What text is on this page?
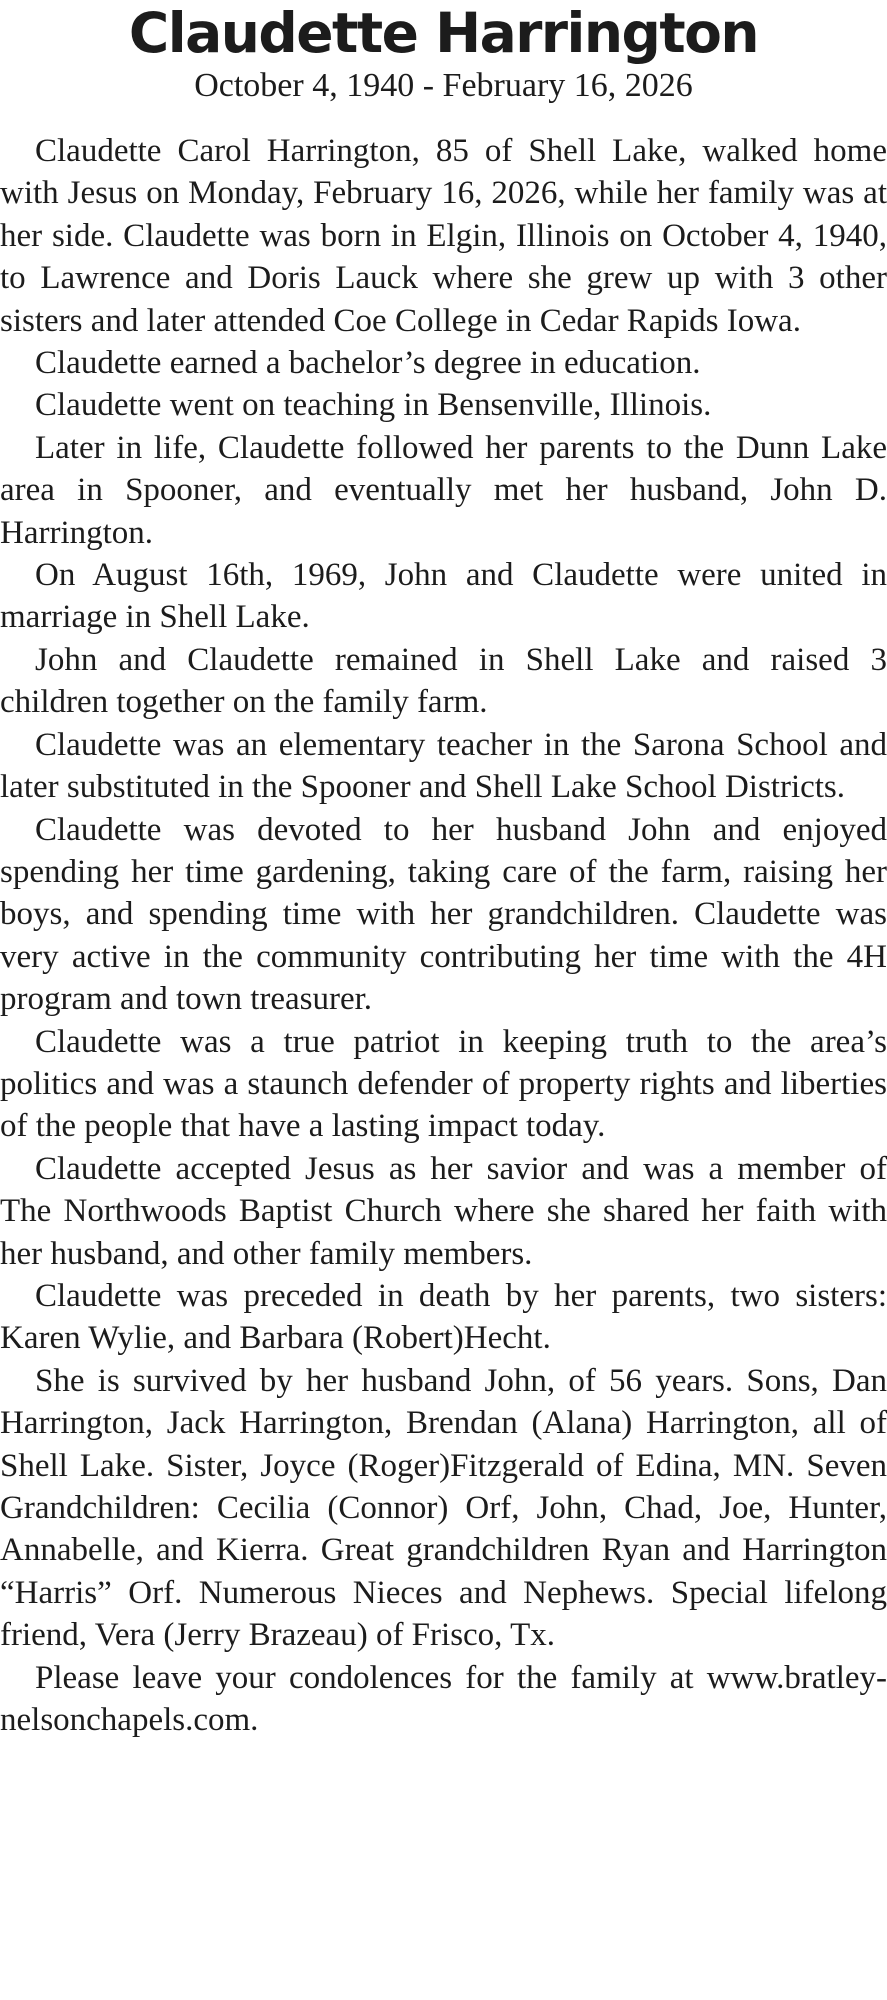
Claudette Harrington
October 4, 1940 - February 16, 2026

Claudette Carol Harrington, 85 of Shell Lake, walked home with Jesus on Monday, February 16, 2026, while her family was at her side. Claudette was born in Elgin, Illinois on October 4, 1940, to Lawrence and Doris Lauck where she grew up with 3 other sisters and later attended Coe College in Cedar Rapids Iowa.

Claudette earned a bachelor’s degree in education.

Claudette went on teaching in Bensenville, Illinois.

Later in life, Claudette followed her parents to the Dunn Lake area in Spooner, and eventually met her husband, John D. Harrington.

On August 16th, 1969, John and Claudette were united in marriage in Shell Lake.

John and Claudette remained in Shell Lake and raised 3 children together on the family farm.

Claudette was an elementary teacher in the Sarona School and later substituted in the Spooner and Shell Lake School Districts.

Claudette was devoted to her husband John and enjoyed spending her time gardening, taking care of the farm, raising her boys, and spending time with her grandchildren. Claudette was very active in the community contributing her time with the 4H program and town treasurer.

Claudette was a true patriot in keeping truth to the area’s politics and was a staunch defender of property rights and liberties of the people that have a lasting impact today.

Claudette accepted Jesus as her savior and was a member of The Northwoods Baptist Church where she shared her faith with her husband, and other family members.

Claudette was preceded in death by her parents, two sisters: Karen Wylie, and Barbara (Robert)Hecht.

She is survived by her husband John, of 56 years. Sons, Dan Harrington, Jack Harrington, Brendan (Alana) Harrington, all of Shell Lake. Sister, Joyce (Roger)Fitzgerald of Edina, MN. Seven Grandchildren: Cecilia (Connor) Orf, John, Chad, Joe, Hunter, Annabelle, and Kierra. Great grandchildren Ryan and Harrington “Harris” Orf. Numerous Nieces and Nephews. Special lifelong friend, Vera (Jerry Brazeau) of Frisco, Tx.

Please leave your condolences for the family at www.bratley-nelsonchapels.com.
